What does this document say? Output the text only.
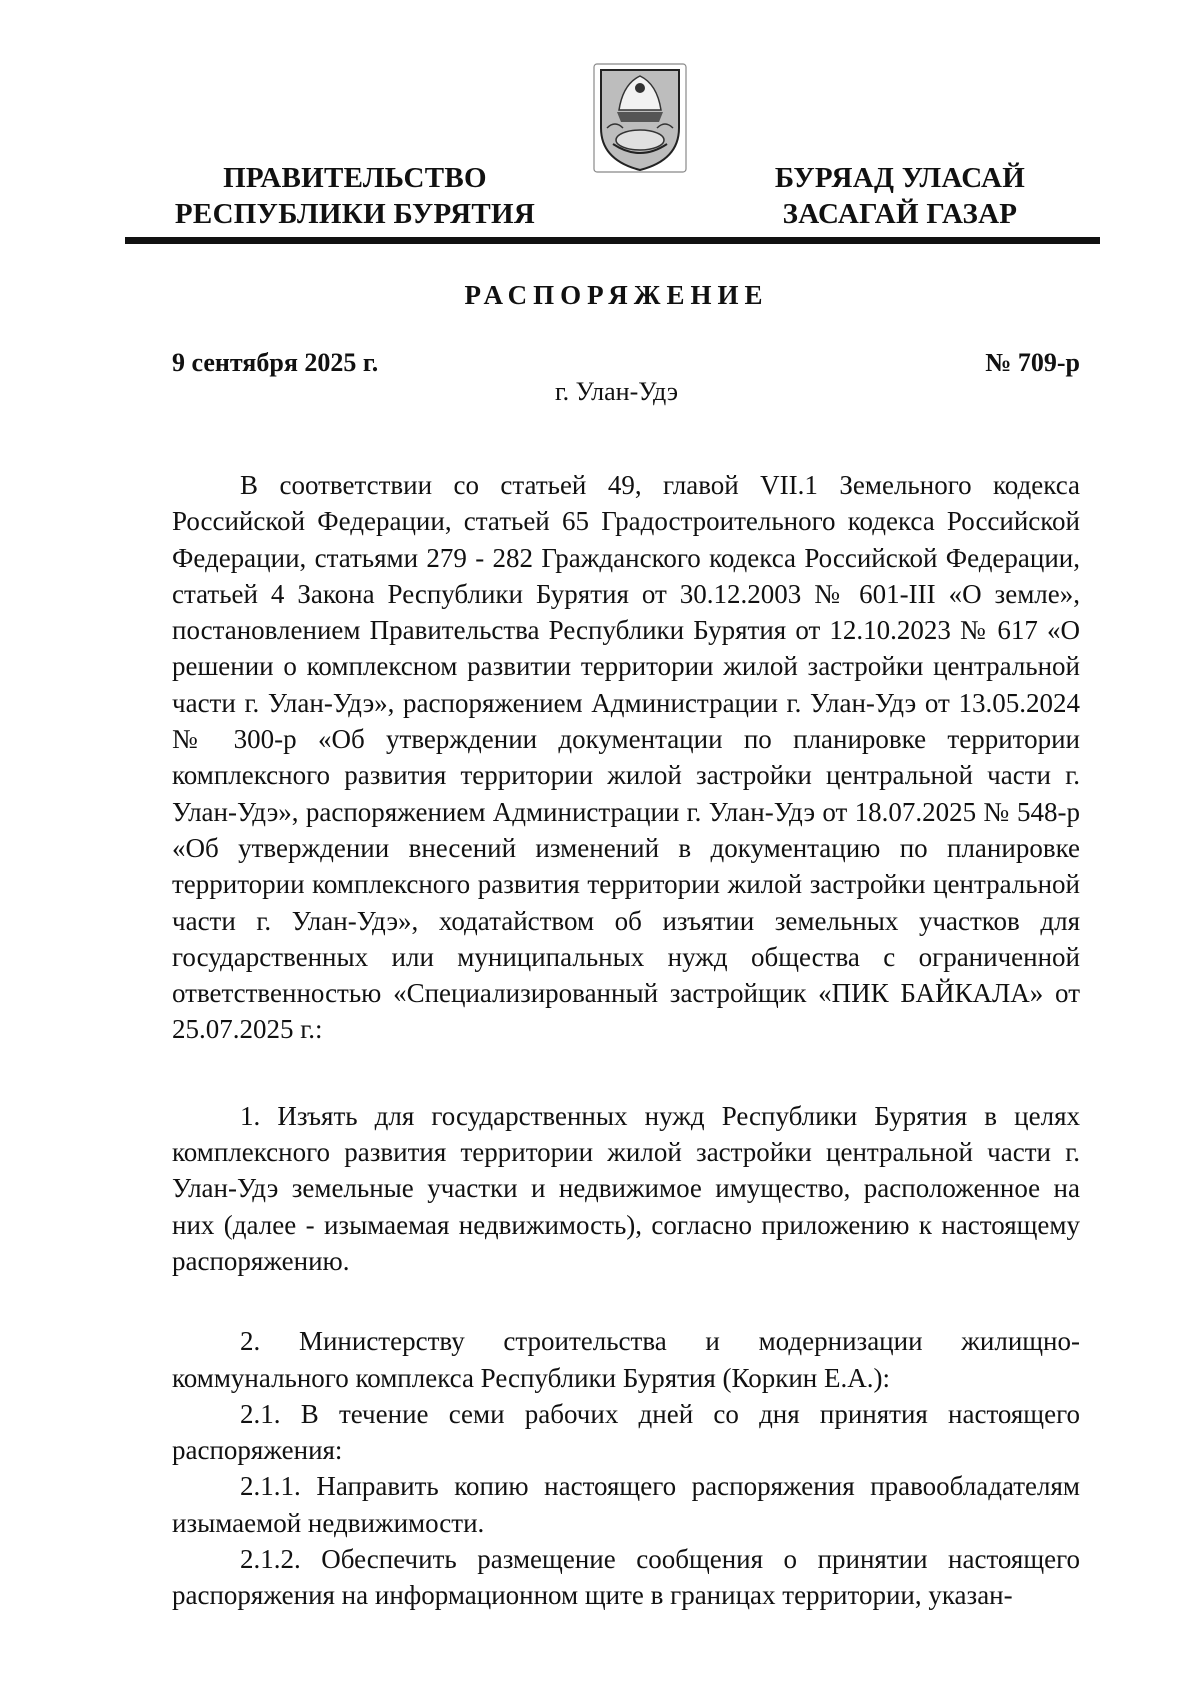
ПРАВИТЕЛЬСТВО
РЕСПУБЛИКИ БУРЯТИЯ
БУРЯАД УЛАСАЙ
ЗАСАГАЙ ГАЗАР
РАСПОРЯЖЕНИЕ
9 сентября 2025 г.	№ 709-р
г. Улан-Удэ

В соответствии со статьей 49, главой VII.1 Земельного кодекса Российской Федерации, статьей 65 Градостроительного кодекса Российской Федерации, статьями 279 - 282 Гражданского кодекса Российской Федерации, статьей 4 Закона Республики Бурятия от 30.12.2003 № 601-III «О земле», постановлением Правительства Республики Бурятия от 12.10.2023 № 617 «О решении о комплексном развитии территории жилой застройки центральной части г. Улан-Удэ», распоряжением Администрации г. Улан-Удэ от 13.05.2024 № 300-р «Об утверждении документации по планировке территории комплексного развития территории жилой застройки центральной части г. Улан-Удэ», распоряжением Администрации г. Улан-Удэ от 18.07.2025 № 548-р «Об утверждении внесений изменений в документацию по планировке территории комплексного развития территории жилой застройки центральной части г. Улан-Удэ», ходатайством об изъятии земельных участков для государственных или муниципальных нужд общества с ограниченной ответственностью «Специализированный застройщик «ПИК БАЙКАЛА» от 25.07.2025 г.:

1. Изъять для государственных нужд Республики Бурятия в целях комплексного развития территории жилой застройки центральной части г. Улан-Удэ земельные участки и недвижимое имущество, расположенное на них (далее - изымаемая недвижимость), согласно приложению к настоящему распоряжению.

2. Министерству строительства и модернизации жилищно-коммунального комплекса Республики Бурятия (Коркин Е.А.):

2.1. В течение семи рабочих дней со дня принятия настоящего распоряжения:

2.1.1. Направить копию настоящего распоряжения правообладателям изымаемой недвижимости.

2.1.2. Обеспечить размещение сообщения о принятии настоящего распоряжения на информационном щите в границах территории, указан-
